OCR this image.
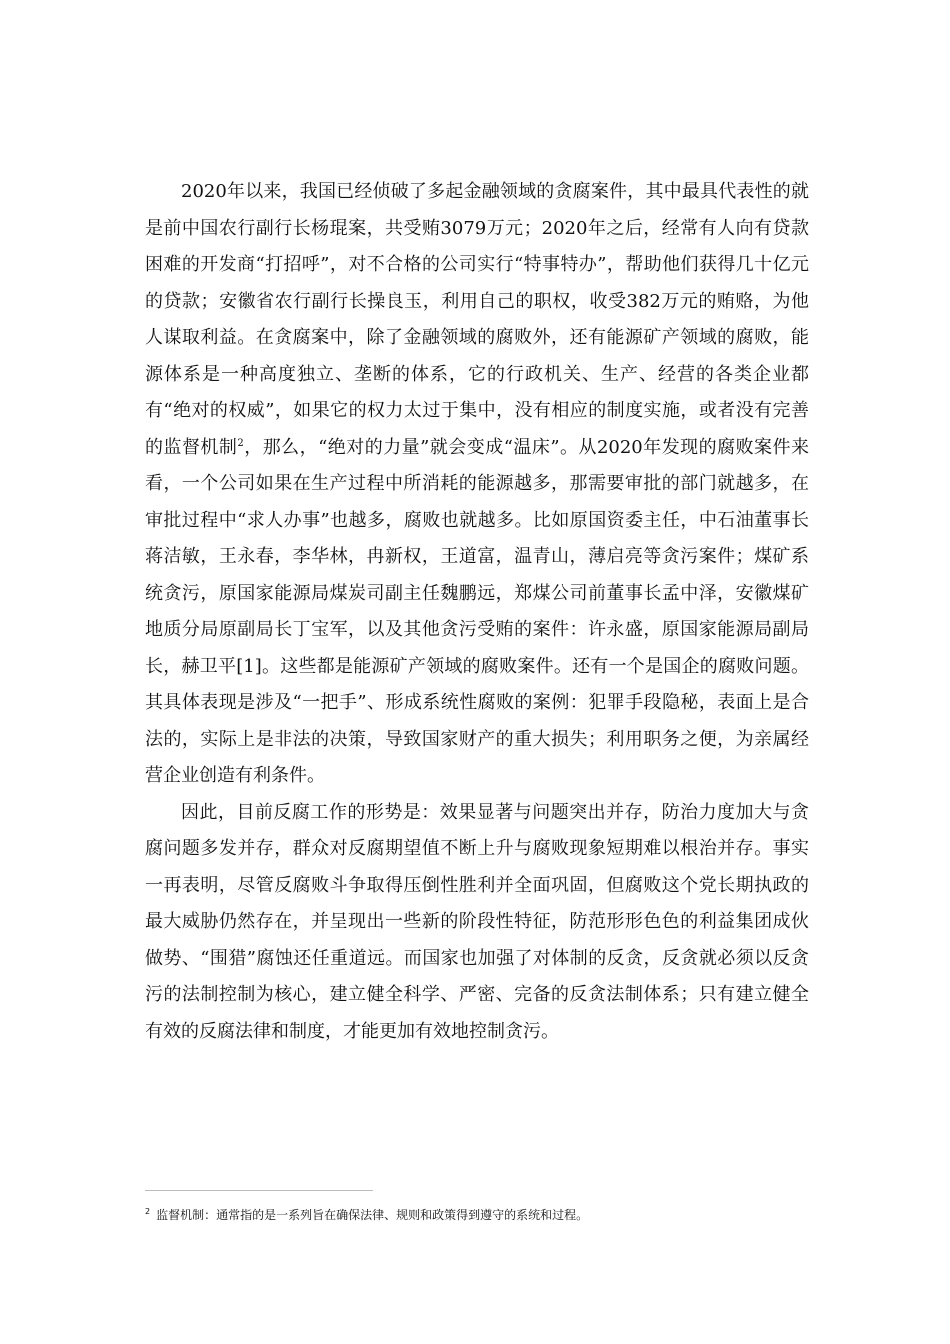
2020年以来，我国已经侦破了多起金融领域的贪腐案件，其中最具代表性的就是前中国农行副行长杨琨案，共受贿3079万元；2020年之后，经常有人向有贷款困难的开发商“打招呼”，对不合格的公司实行“特事特办”，帮助他们获得几十亿元的贷款；安徽省农行副行长操良玉，利用自己的职权，收受382万元的贿赂，为他人谋取利益。在贪腐案中，除了金融领域的腐败外，还有能源矿产领域的腐败，能源体系是一种高度独立、垄断的体系，它的行政机关、生产、经营的各类企业都有“绝对的权威”，如果它的权力太过于集中，没有相应的制度实施，或者没有完善的监督机制$^2$，那么，“绝对的力量”就会变成“温床”。从2020年发现的腐败案件来看，一个公司如果在生产过程中所消耗的能源越多，那需要审批的部门就越多，在审批过程中“求人办事”也越多，腐败也就越多。比如原国资委主任，中石油董事长蒋洁敏，王永春，李华林，冉新权，王道富，温青山，薄启亮等贪污案件；煤矿系统贪污，原国家能源局煤炭司副主任魏鹏远，郑煤公司前董事长孟中泽，安徽煤矿地质分局原副局长丁宝军，以及其他贪污受贿的案件：许永盛，原国家能源局副局长，赫卫平[1]。这些都是能源矿产领域的腐败案件。还有一个是国企的腐败问题。其具体表现是涉及“一把手”、形成系统性腐败的案例：犯罪手段隐秘，表面上是合法的，实际上是非法的决策，导致国家财产的重大损失；利用职务之便，为亲属经营企业创造有利条件。

因此，目前反腐工作的形势是：效果显著与问题突出并存，防治力度加大与贪腐问题多发并存，群众对反腐期望值不断上升与腐败现象短期难以根治并存。事实一再表明，尽管反腐败斗争取得压倒性胜利并全面巩固，但腐败这个党长期执政的最大威胁仍然存在，并呈现出一些新的阶段性特征，防范形形色色的利益集团成伙做势、“围猎”腐蚀还任重道远。而国家也加强了对体制的反贪，反贪就必须以反贪污的法制控制为核心，建立健全科学、严密、完备的反贪法制体系；只有建立健全有效的反腐法律和制度，才能更加有效地控制贪污。

$^2$ 监督机制：通常指的是一系列旨在确保法律、规则和政策得到遵守的系统和过程。
